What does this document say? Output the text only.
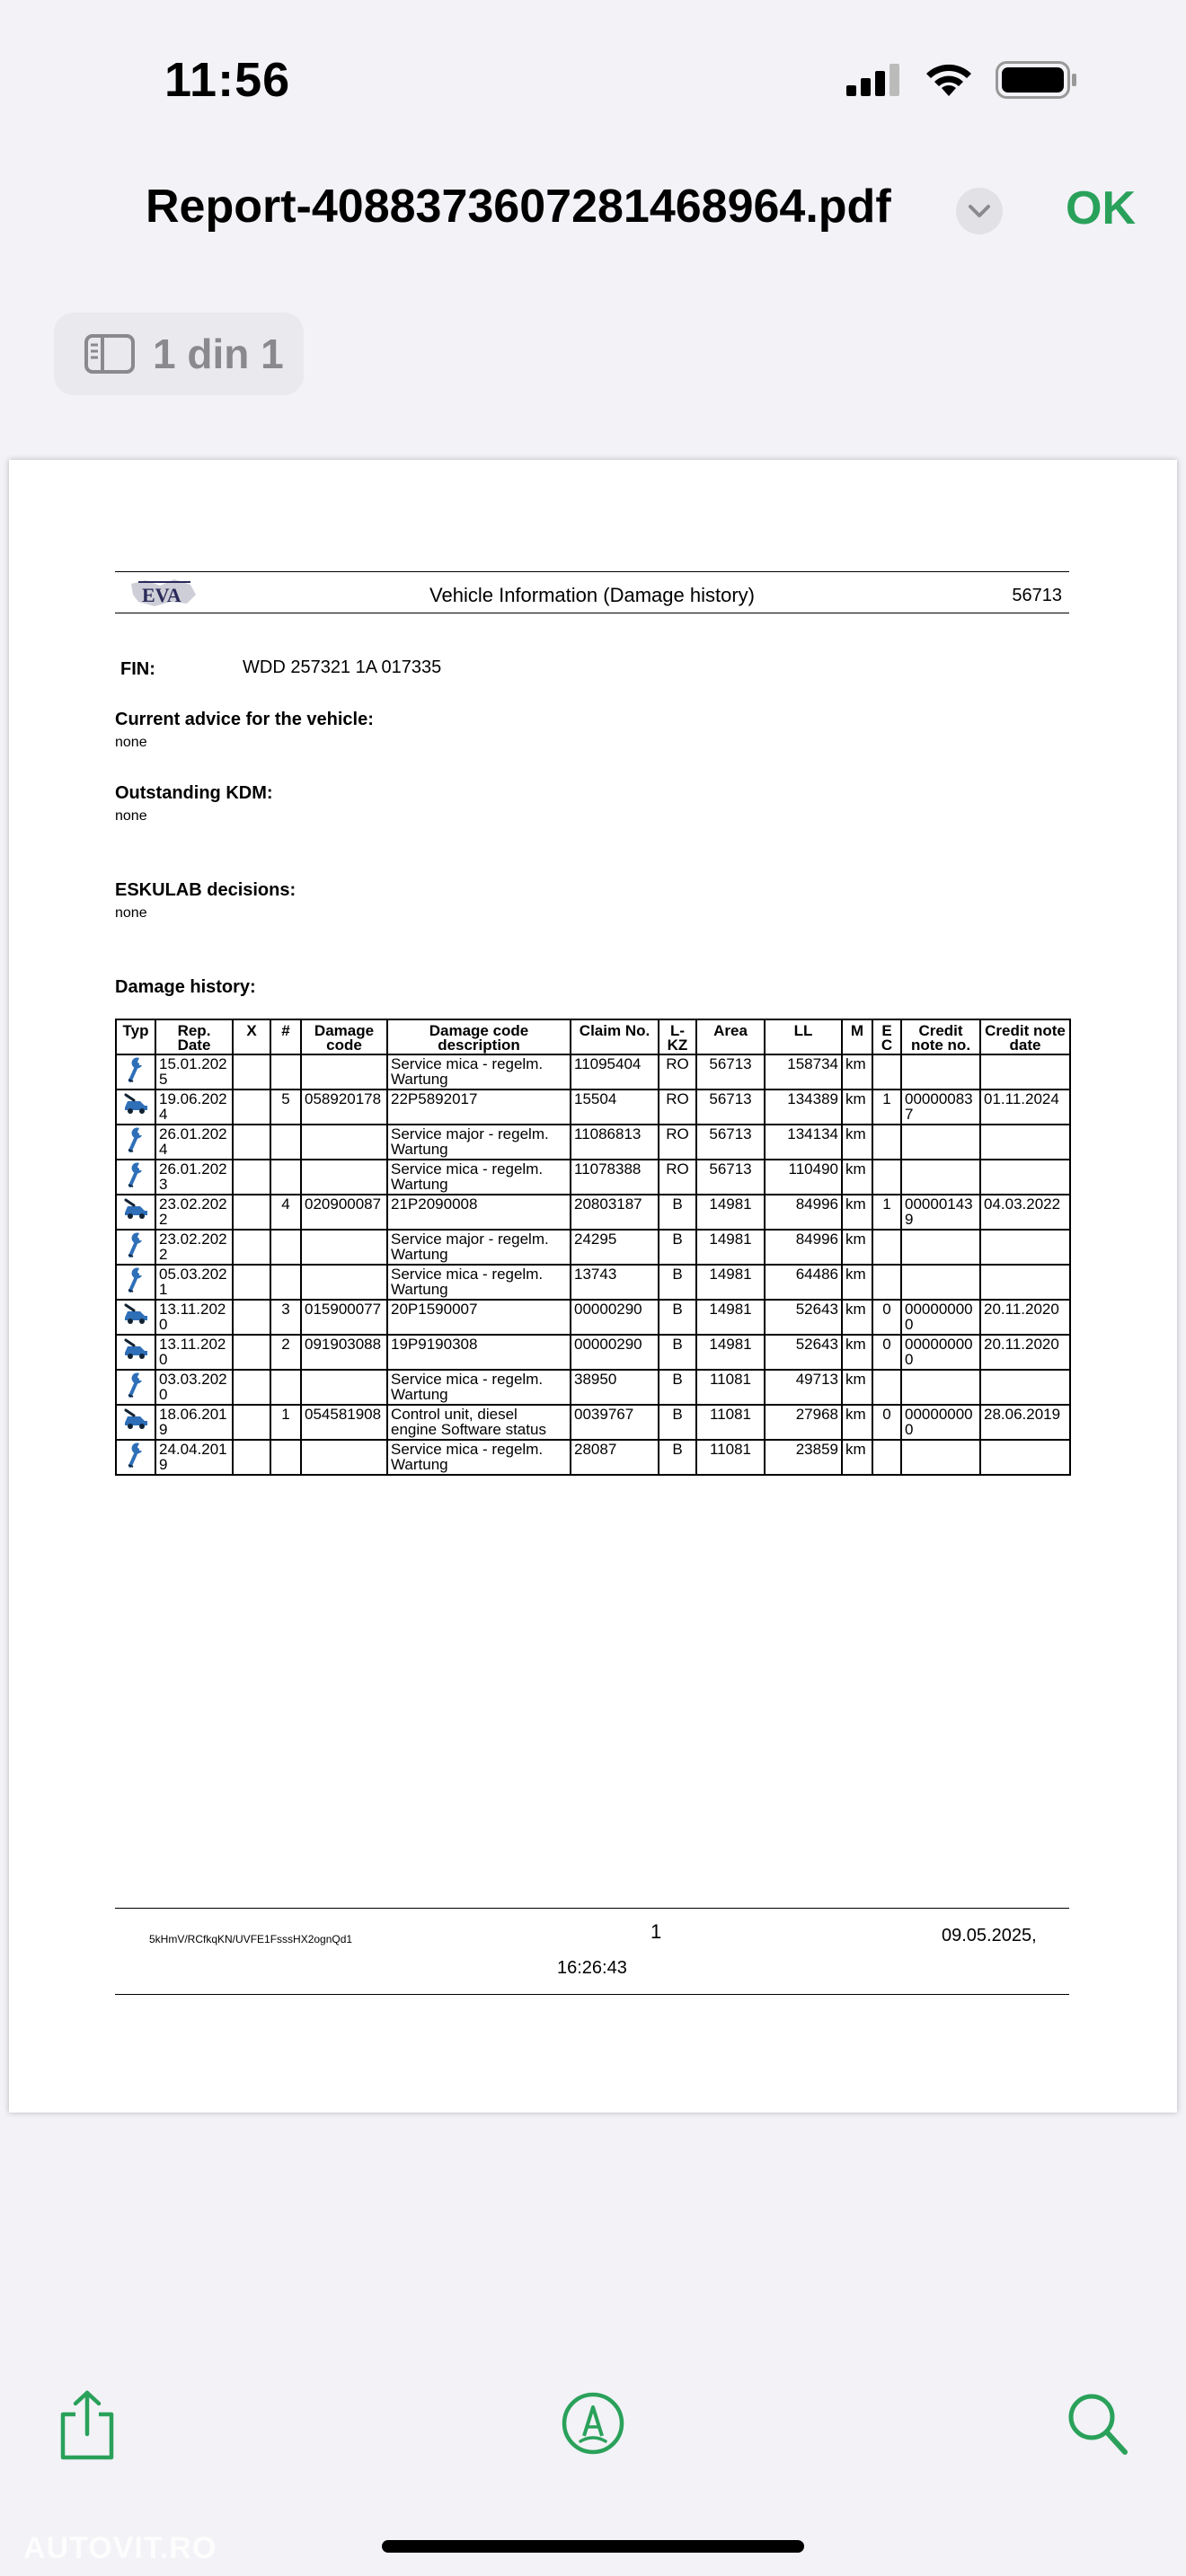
11:56
Report-408837360728146896​4.pdf	OK
1 din 1
EVA	Vehicle Information (Damage history)	56713
FIN:	WDD 257321 1A 017335
Current advice for the vehicle:
none
Outstanding KDM:
none
ESKULAB decisions:
none
Damage history:
Typ	Rep. Date	X	#	Damage code	Damage code description	Claim No.	L-KZ	Area	LL	M	E C	Credit note no.	Credit note date
	15.01.2025				Service mica - regelm. Wartung	11095404	RO	56713	158734	km			
	19.06.2024		5	058920178	22P5892017	15504	RO	56713	134389	km	1	000000837	01.11.2024
	26.01.2024				Service major - regelm. Wartung	11086813	RO	56713	134134	km			
	26.01.2023				Service mica - regelm. Wartung	11078388	RO	56713	110490	km			
	23.02.2022		4	020900087	21P2090008	20803187	B	14981	84996	km	1	000001439	04.03.2022
	23.02.2022				Service major - regelm. Wartung	24295	B	14981	84996	km			
	05.03.2021				Service mica - regelm. Wartung	13743	B	14981	64486	km			
	13.11.2020		3	015900077	20P1590007	00000290	B	14981	52643	km	0	000000000	20.11.2020
	13.11.2020		2	091903088	19P9190308	00000290	B	14981	52643	km	0	000000000	20.11.2020
	03.03.2020				Service mica - regelm. Wartung	38950	B	11081	49713	km			
	18.06.2019		1	054581908	Control unit, diesel engine Software status	0039767	B	11081	27968	km	0	000000000	28.06.2019
	24.04.2019				Service mica - regelm. Wartung	28087	B	11081	23859	km			
5kHmV/RCfkqKN/UVFE1FsssHX2ognQd1	1	09.05.2025,
16:26:43
AUTOVIT.RO
